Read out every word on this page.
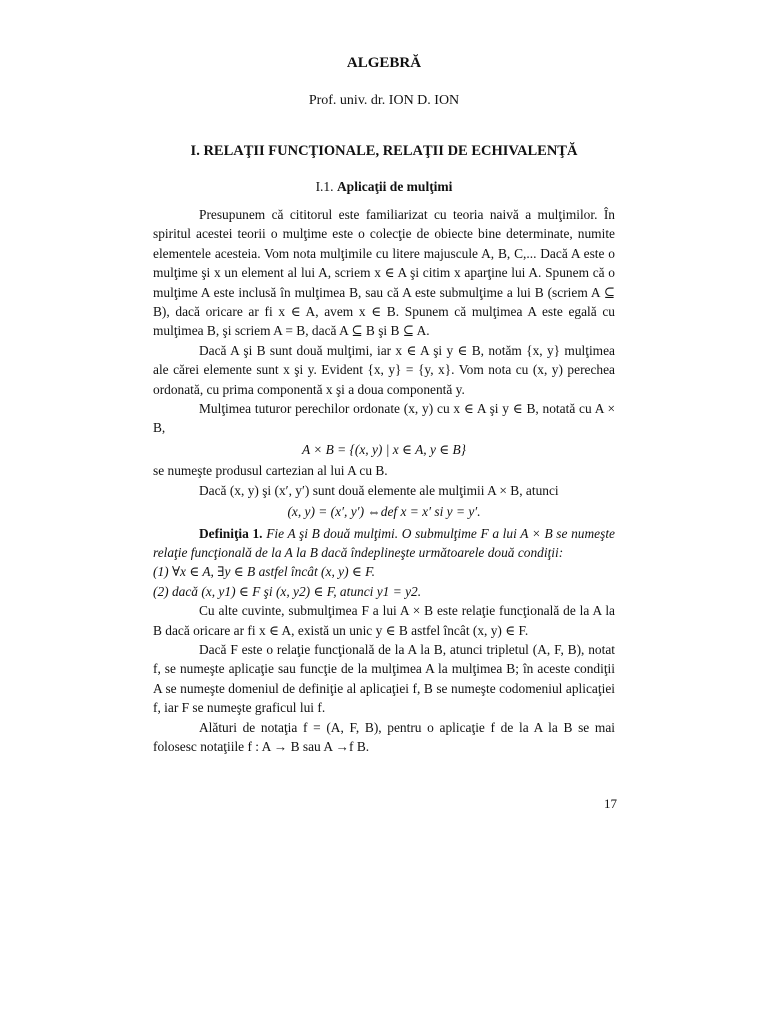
ALGEBRĂ
Prof. univ. dr. ION D. ION
I. RELAŢII FUNCŢIONALE, RELAŢII DE ECHIVALENŢĂ
I.1. Aplicaţii de mulţimi

Presupunem că cititorul este familiarizat cu teoria naivă a mulţimilor. În spiritul acestei teorii o mulţime este o colecţie de obiecte bine determinate, numite elementele acesteia. Vom nota mulţimile cu litere majuscule A, B, C,... Dacă A este o mulţime şi x un element al lui A, scriem x ∈ A şi citim x aparţine lui A. Spunem că o mulţime A este inclusă în mulţimea B, sau că A este submulţime a lui B (scriem A ⊆ B), dacă oricare ar fi x ∈ A, avem x ∈ B. Spunem că mulţimea A este egală cu mulţimea B, şi scriem A = B, dacă A ⊆ B şi B ⊆ A.

Dacă A şi B sunt două mulţimi, iar x ∈ A şi y ∈ B, notăm {x, y} mulţimea ale cărei elemente sunt x şi y. Evident {x, y} = {y, x}. Vom nota cu (x, y) perechea ordonată, cu prima componentă x şi a doua componentă y.

Mulţimea tuturor perechilor ordonate (x, y) cu x ∈ A şi y ∈ B, notată cu A × B,

A × B = {(x, y) | x ∈ A, y ∈ B}

se numeşte produsul cartezian al lui A cu B.

Dacă (x, y) şi (x′, y′) sunt două elemente ale mulţimii A × B, atunci

(x, y) = (x′, y′) ⇔def x = x′ si y = y′.

Definiţia 1. Fie A şi B două mulţimi. O submulţime F a lui A × B se numeşte relaţie funcţională de la A la B dacă îndeplineşte următoarele două condiţii:

(1) ∀x ∈ A, ∃y ∈ B astfel încât (x, y) ∈ F.

(2) dacă (x, y1) ∈ F şi (x, y2) ∈ F, atunci y1 = y2.

Cu alte cuvinte, submulţimea F a lui A × B este relaţie funcţională de la A la B dacă oricare ar fi x ∈ A, există un unic y ∈ B astfel încât (x, y) ∈ F.

Dacă F este o relaţie funcţională de la A la B, atunci tripletul (A, F, B), notat f, se numeşte aplicaţie sau funcţie de la mulţimea A la mulţimea B; în aceste condiţii A se numeşte domeniul de definiţie al aplicaţiei f, B se numeşte codomeniul aplicaţiei f, iar F se numeşte graficul lui f.

Alături de notaţia f = (A, F, B), pentru o aplicaţie f de la A la B se mai folosesc notaţiile f : A → B sau A →f B.

17
